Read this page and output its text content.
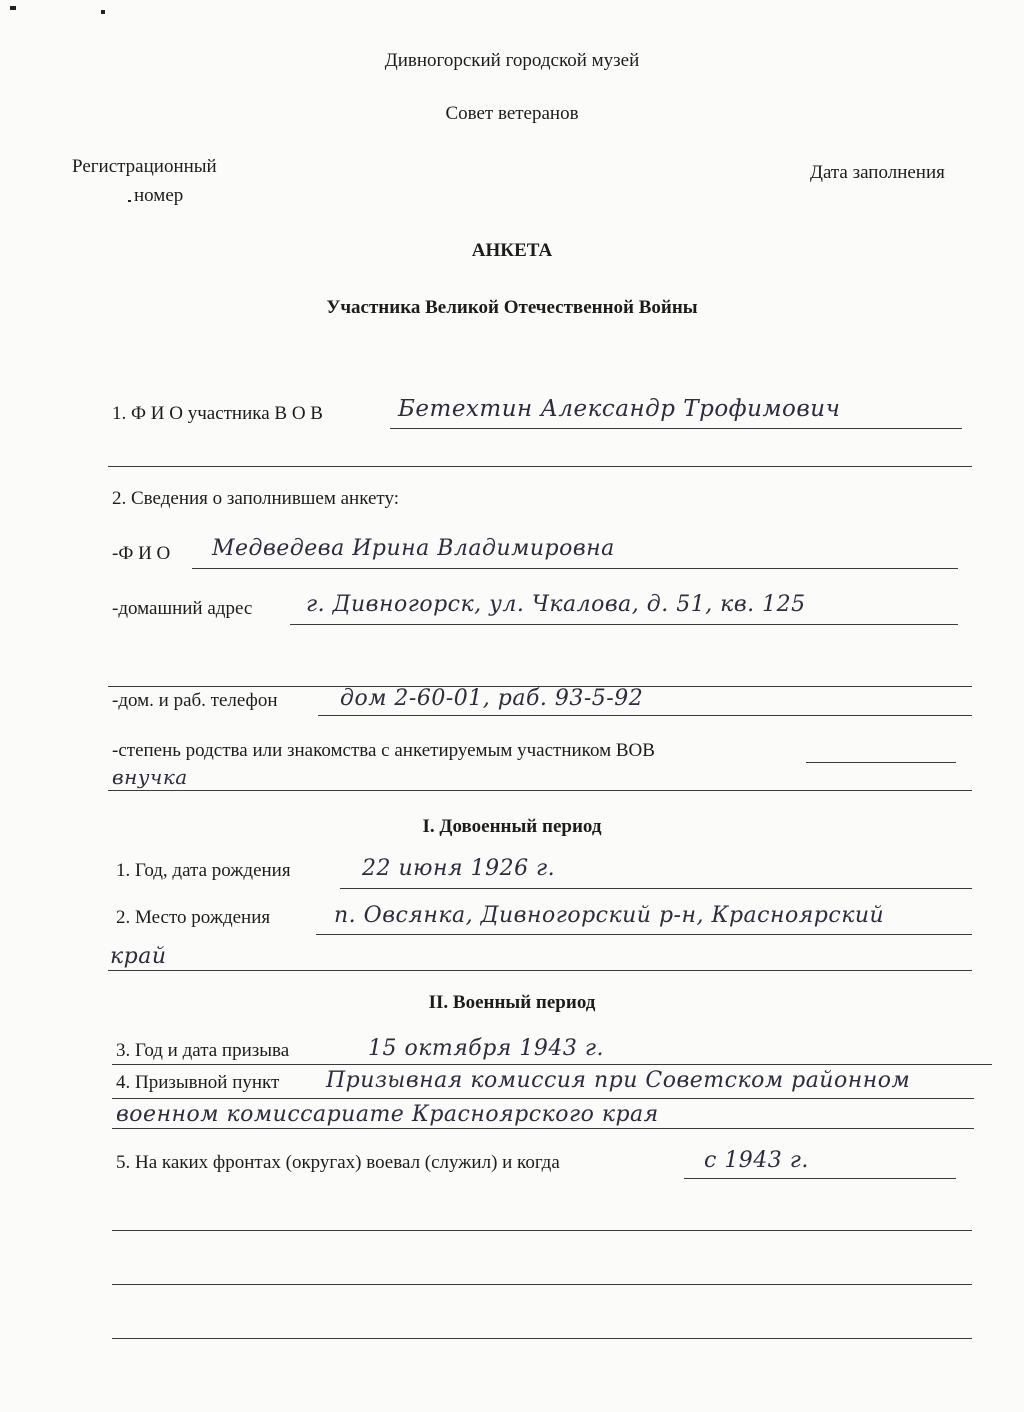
Дивногорский городской музей
Совет ветеранов
Регистрационный
номер
Дата заполнения
АНКЕТА
Участника Великой Отечественной Войны
1. Ф И О участника В О В	Бетехтин Александр Трофимович
2. Сведения о заполнившем анкету:
-Ф И О Медведева Ирина Владимировна
-домашний адрес г. Дивногорск, ул. Чкалова, д. 51, кв. 125
-дом. и раб. телефон	дом 2-60-01, раб. 93-5-92
-степень родства или знакомства с анкетируемым участником ВОВ
внучка
I. Довоенный период
1. Год, дата рождения	22 июня 1926 г.
2. Место рождения	п. Овсянка, Дивногорский р-н, Красноярский
край
II. Военный период
3. Год и дата призыва	15 октября 1943 г.
4. Призывной пункт Призывная комиссия при Советском районном
военном комиссариате Красноярского края
5. На каких фронтах (округах) воевал (служил) и когда	с 1943 г.
